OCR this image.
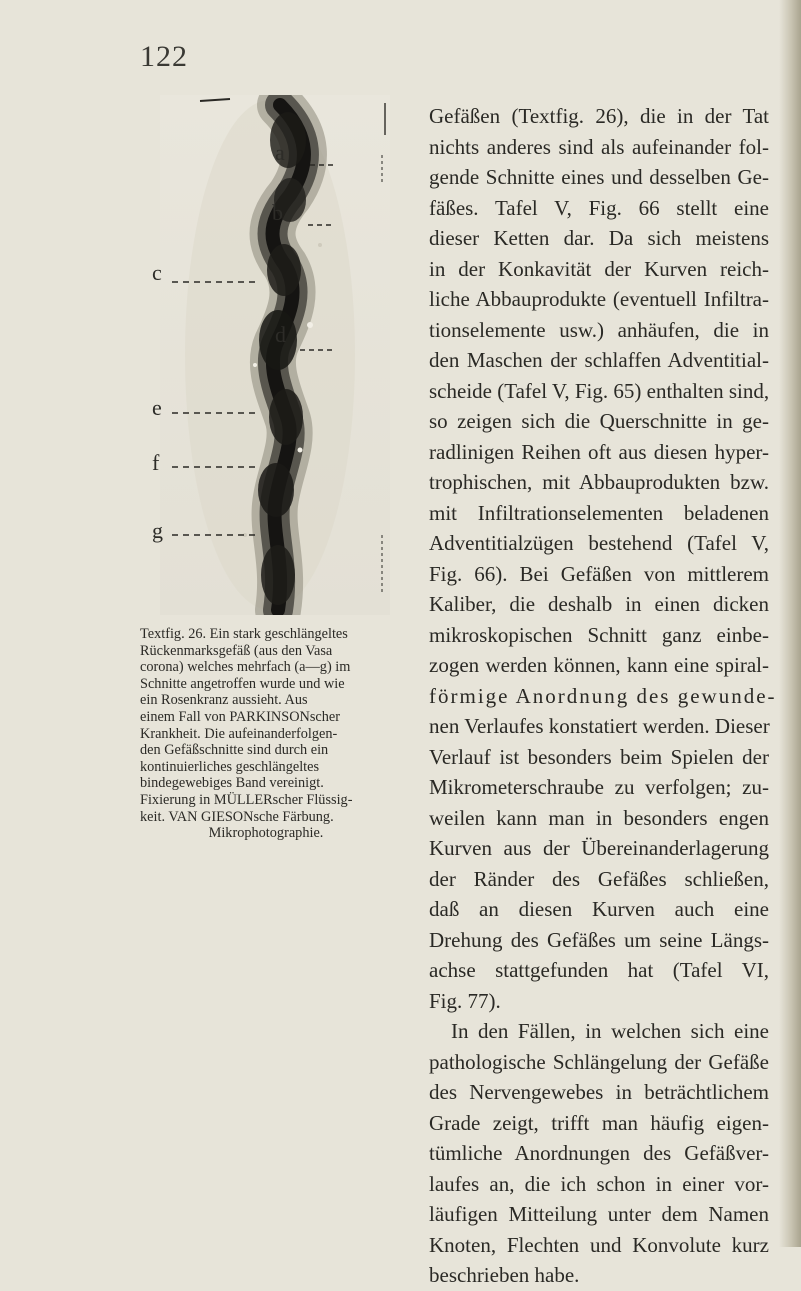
122
a
b
c
d
e
f
g
Textfig. 26. Ein stark geschlängeltes
Rückenmarksgefäß (aus den Vasa
corona) welches mehrfach (a—g) im
Schnitte angetroffen wurde und wie
ein Rosenkranz aussieht. Aus
einem Fall von PARKINSONscher
Krankheit. Die aufeinanderfolgen-
den Gefäßschnitte sind durch ein
kontinuierliches geschlängeltes
bindegewebiges Band vereinigt.
Fixierung in MÜLLERscher Flüssig-
keit. VAN GIESONsche Färbung.
Mikrophotographie.
Gefäßen (Textfig. 26), die in der Tat
nichts anderes sind als aufeinander fol-
gende Schnitte eines und desselben Ge-
fäßes. Tafel V, Fig. 66 stellt eine
dieser Ketten dar. Da sich meistens
in der Konkavität der Kurven reich-
liche Abbauprodukte (eventuell Infiltra-
tionselemente usw.) anhäufen, die in
den Maschen der schlaffen Adventitial-
scheide (Tafel V, Fig. 65) enthalten sind,
so zeigen sich die Querschnitte in ge-
radlinigen Reihen oft aus diesen hyper-
trophischen, mit Abbauprodukten bzw.
mit Infiltrationselementen beladenen
Adventitialzügen bestehend (Tafel V,
Fig. 66). Bei Gefäßen von mittlerem
Kaliber, die deshalb in einen dicken
mikroskopischen Schnitt ganz einbe-
zogen werden können, kann eine spiral-
förmige Anordnung des gewunde-
nen Verlaufes konstatiert werden. Dieser
Verlauf ist besonders beim Spielen der
Mikrometerschraube zu verfolgen; zu-
weilen kann man in besonders engen
Kurven aus der Übereinanderlagerung
der Ränder des Gefäßes schließen,
daß an diesen Kurven auch eine
Drehung des Gefäßes um seine Längs-
achse stattgefunden hat (Tafel VI,
Fig. 77).
In den Fällen, in welchen sich eine
pathologische Schlängelung der Gefäße
des Nervengewebes in beträchtlichem
Grade zeigt, trifft man häufig eigen-
tümliche Anordnungen des Gefäßver-
laufes an, die ich schon in einer vor-
läufigen Mitteilung unter dem Namen
Knoten, Flechten und Konvolute kurz
beschrieben habe.
